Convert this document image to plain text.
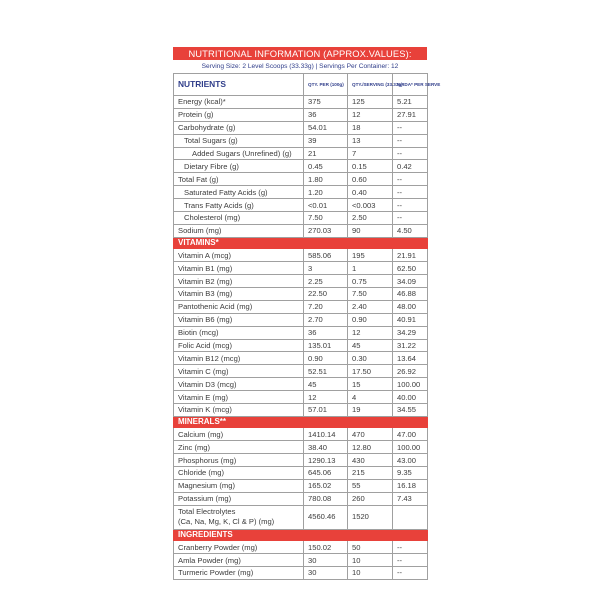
NUTRITIONAL INFORMATION (APPROX.VALUES):
Serving Size: 2 Level Scoops (33.33g) | Servings Per Container: 12
NUTRIENTS	QTY. PER (100g)	QTY./SERVING (33.33g)	%RDA* PER SERVE
Energy (kcal)*	375	125	5.21
Protein (g)	36	12	27.91
Carbohydrate (g)	54.01	18	--
Total Sugars (g)	39	13	--
Added Sugars (Unrefined) (g)	21	7	--
Dietary Fibre (g)	0.45	0.15	0.42
Total Fat (g)	1.80	0.60	--
Saturated Fatty Acids (g)	1.20	0.40	--
Trans Fatty Acids (g)	<0.01	<0.003	--
Cholesterol (mg)	7.50	2.50	--
Sodium (mg)	270.03	90	4.50
VITAMINS*			
Vitamin A (mcg)	585.06	195	21.91
Vitamin B1 (mg)	3	1	62.50
Vitamin B2 (mg)	2.25	0.75	34.09
Vitamin B3 (mg)	22.50	7.50	46.88
Pantothenic Acid (mg)	7.20	2.40	48.00
Vitamin B6 (mg)	2.70	0.90	40.91
Biotin (mcg)	36	12	34.29
Folic Acid (mcg)	135.01	45	31.22
Vitamin B12 (mcg)	0.90	0.30	13.64
Vitamin C (mg)	52.51	17.50	26.92
Vitamin D3 (mcg)	45	15	100.00
Vitamin E (mg)	12	4	40.00
Vitamin K (mcg)	57.01	19	34.55
MINERALS**			
Calcium (mg)	1410.14	470	47.00
Zinc (mg)	38.40	12.80	100.00
Phosphorus (mg)	1290.13	430	43.00
Chloride (mg)	645.06	215	9.35
Magnesium (mg)	165.02	55	16.18
Potassium (mg)	780.08	260	7.43
Total Electrolytes
(Ca, Na, Mg, K, Cl & P) (mg)	4560.46	1520	
INGREDIENTS			
Cranberry Powder (mg)	150.02	50	--
Amla Powder (mg)	30	10	--
Turmeric Powder (mg)	30	10	--
